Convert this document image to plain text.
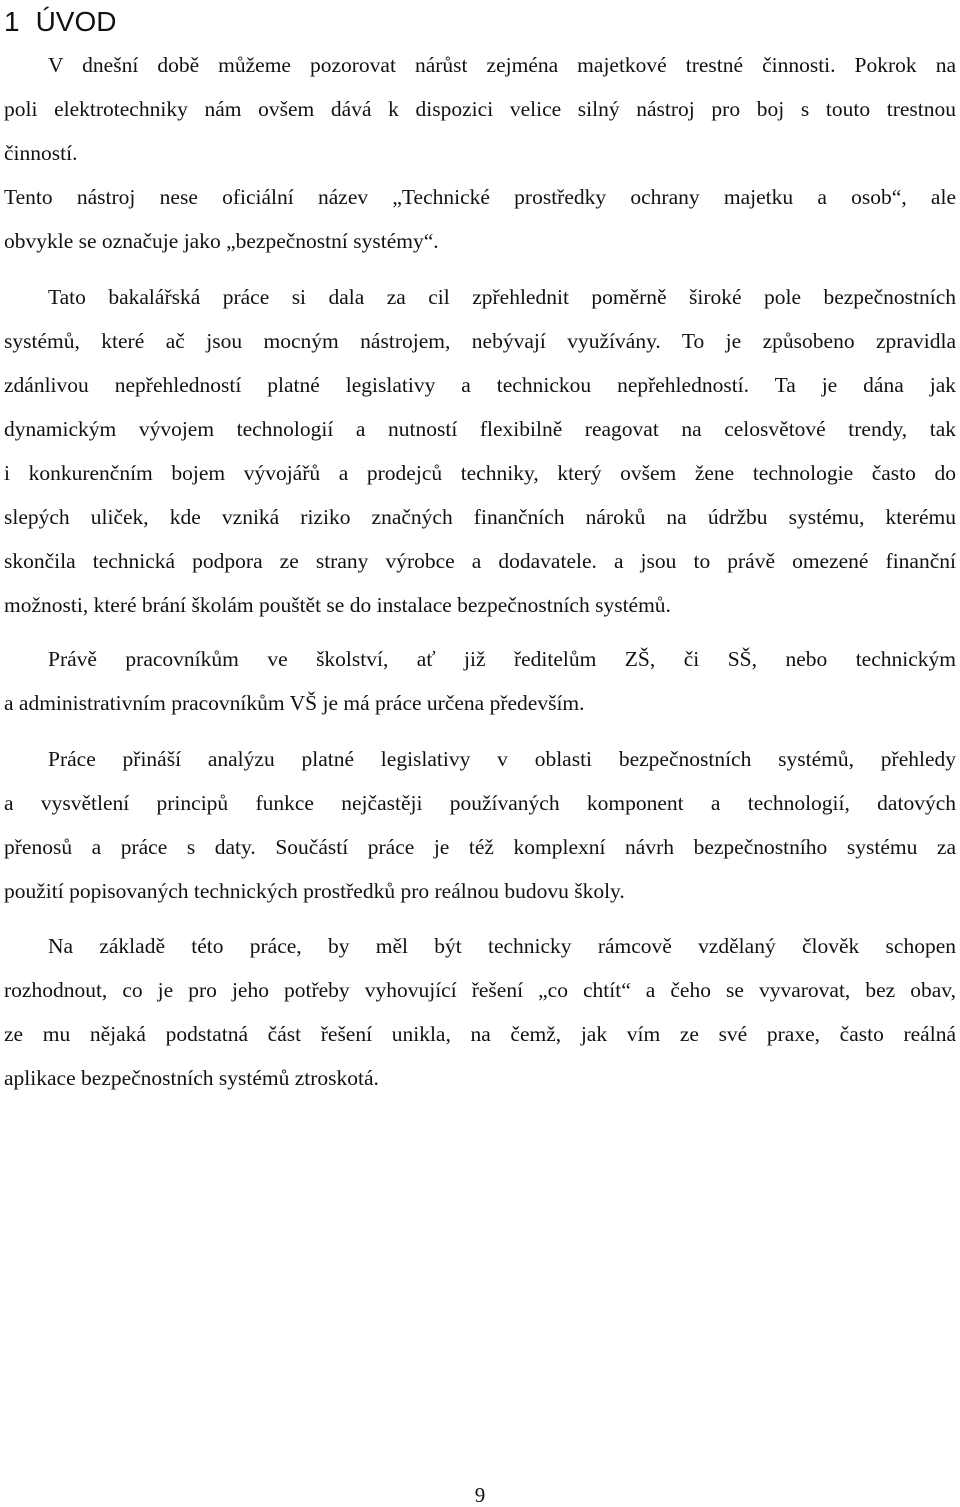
1 ÚVOD
V dnešní době můžeme pozorovat nárůst zejména majetkové trestné činnosti. Pokrok na
poli elektrotechniky nám ovšem dává k dispozici velice silný nástroj pro boj s touto trestnou
činností.
Tento nástroj nese oficiální název „Technické prostředky ochrany majetku a osob“, ale
obvykle se označuje jako „bezpečnostní systémy“.
Tato bakalářská práce si dala za cil zpřehlednit poměrně široké pole bezpečnostních
systémů, které ač jsou mocným nástrojem, nebývají využívány. To je způsobeno zpravidla
zdánlivou nepřehledností platné legislativy a technickou nepřehledností. Ta je dána jak
dynamickým vývojem technologií a nutností flexibilně reagovat na celosvětové trendy, tak
i konkurenčním bojem vývojářů a prodejců techniky, který ovšem žene technologie často do
slepých uliček, kde vzniká riziko značných finančních nároků na údržbu systému, kterému
skončila technická podpora ze strany výrobce a dodavatele. a jsou to právě omezené finanční
možnosti, které brání školám pouštět se do instalace bezpečnostních systémů.
Právě pracovníkům ve školství, ať již ředitelům ZŠ, či SŠ, nebo technickým
a administrativním pracovníkům VŠ je má práce určena především.
Práce přináší analýzu platné legislativy v oblasti bezpečnostních systémů, přehledy
a vysvětlení principů funkce nejčastěji používaných komponent a technologií, datových
přenosů a práce s daty. Součástí práce je též komplexní návrh bezpečnostního systému za
použití popisovaných technických prostředků pro reálnou budovu školy.
Na základě této práce, by měl být technicky rámcově vzdělaný člověk schopen
rozhodnout, co je pro jeho potřeby vyhovující řešení „co chtít“ a čeho se vyvarovat, bez obav,
ze mu nějaká podstatná část řešení unikla, na čemž, jak vím ze své praxe, často reálná
aplikace bezpečnostních systémů ztroskotá.
9
